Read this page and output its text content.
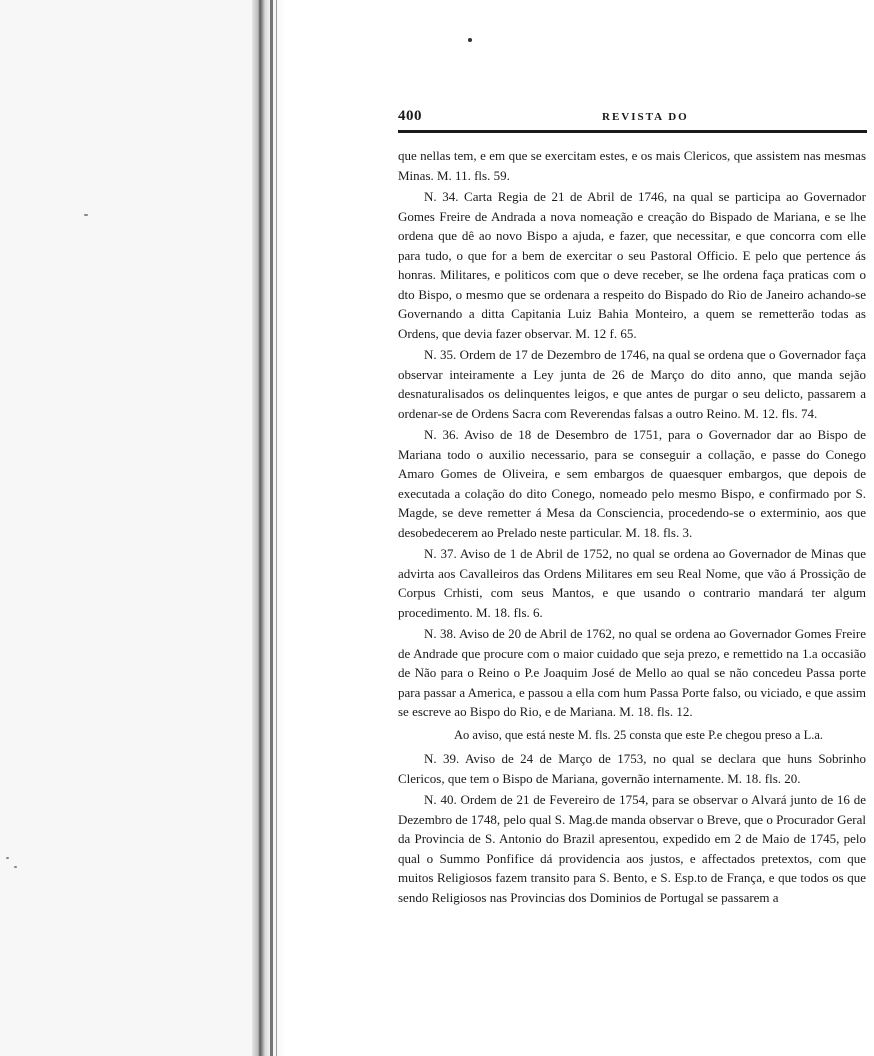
400	REVISTA DO

que nellas tem, e em que se exercitam estes, e os mais Clericos, que assistem nas mesmas Minas. M. 11. fls. 59.

N. 34. Carta Regia de 21 de Abril de 1746, na qual se participa ao Governador Gomes Freire de Andrada a nova nomeação e creação do Bispado de Mariana, e se lhe ordena que dê ao novo Bispo a ajuda, e fazer, que necessitar, e que concorra com elle para tudo, o que for a bem de exercitar o seu Pastoral Officio. E pelo que pertence ás honras. Militares, e politicos com que o deve receber, se lhe ordena faça praticas com o dto Bispo, o mesmo que se ordenara a respeito do Bispado do Rio de Janeiro achando-se Governando a ditta Capitania Luiz Bahia Monteiro, a quem se remetterão todas as Ordens, que devia fazer observar. M. 12 f. 65.

N. 35. Ordem de 17 de Dezembro de 1746, na qual se ordena que o Governador faça observar inteiramente a Ley junta de 26 de Março do dito anno, que manda sejão desnaturalisados os delinquentes leigos, e que antes de purgar o seu delicto, passarem a ordenar-se de Ordens Sacra com Reverendas falsas a outro Reino. M. 12. fls. 74.

N. 36. Aviso de 18 de Desembro de 1751, para o Governador dar ao Bispo de Mariana todo o auxilio necessario, para se conseguir a collação, e passe do Conego Amaro Gomes de Oliveira, e sem embargos de quaesquer embargos, que depois de executada a colação do dito Conego, nomeado pelo mesmo Bispo, e confirmado por S. Magde, se deve remetter á Mesa da Consciencia, procedendo-se o exterminio, aos que desobedecerem ao Prelado neste particular. M. 18. fls. 3.

N. 37. Aviso de 1 de Abril de 1752, no qual se ordena ao Governador de Minas que advirta aos Cavalleiros das Ordens Militares em seu Real Nome, que vão á Prossição de Corpus Crhisti, com seus Mantos, e que usando o contrario mandará ter algum procedimento. M. 18. fls. 6.

N. 38. Aviso de 20 de Abril de 1762, no qual se ordena ao Governador Gomes Freire de Andrade que procure com o maior cuidado que seja prezo, e remettido na 1.a occasião de Não para o Reino o P.e Joaquim José de Mello ao qual se não concedeu Passa porte para passar a America, e passou a ella com hum Passa Porte falso, ou viciado, e que assim se escreve ao Bispo do Rio, e de Mariana. M. 18. fls. 12.

Ao aviso, que está neste M. fls. 25 consta que este P.e chegou preso a L.a.

N. 39. Aviso de 24 de Março de 1753, no qual se declara que huns Sobrinho Clericos, que tem o Bispo de Mariana, governão internamente. M. 18. fls. 20.

N. 40. Ordem de 21 de Fevereiro de 1754, para se observar o Alvará junto de 16 de Dezembro de 1748, pelo qual S. Mag.de manda observar o Breve, que o Procurador Geral da Provincia de S. Antonio do Brazil apresentou, expedido em 2 de Maio de 1745, pelo qual o Summo Ponfifice dá providencia aos justos, e affectados pretextos, com que muitos Religiosos fazem transito para S. Bento, e S. Esp.to de França, e que todos os que sendo Religiosos nas Provincias dos Dominios de Portugal se passarem a
